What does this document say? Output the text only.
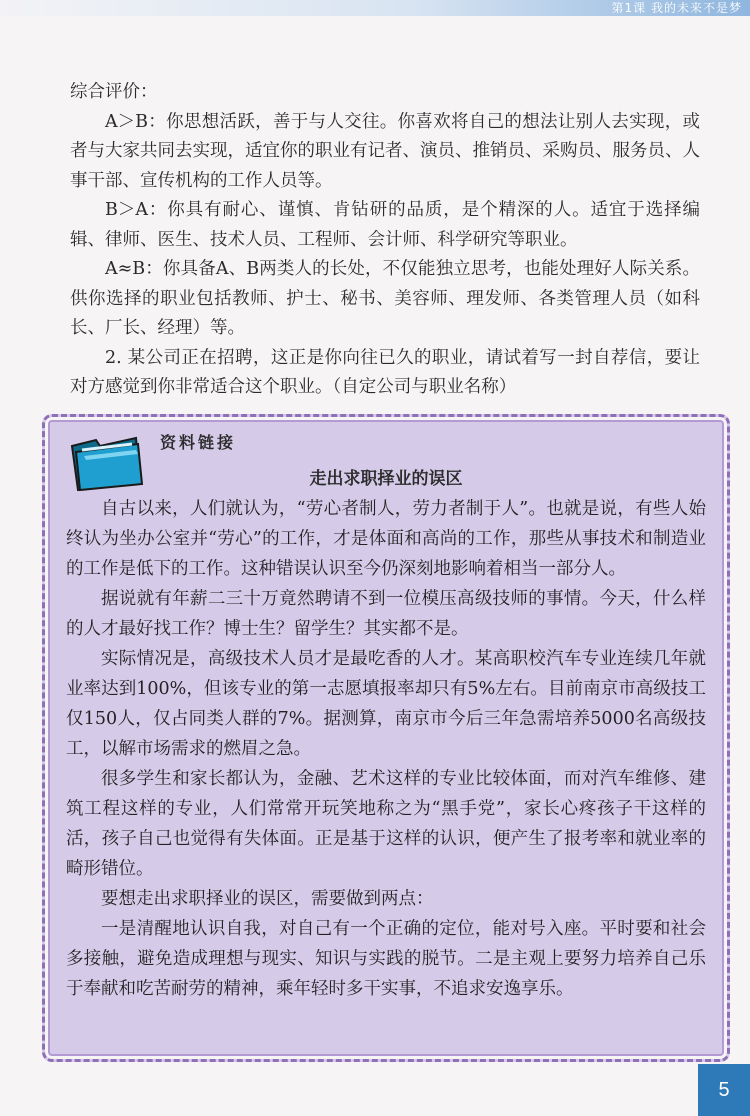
第1课 我的未来不是梦
综合评价：

A＞B：你思想活跃，善于与人交往。你喜欢将自己的想法让别人去实现，或者与大家共同去实现，适宜你的职业有记者、演员、推销员、采购员、服务员、人事干部、宣传机构的工作人员等。

B＞A：你具有耐心、谨慎、肯钻研的品质，是个精深的人。适宜于选择编辑、律师、医生、技术人员、工程师、会计师、科学研究等职业。

A≈B：你具备A、B两类人的长处，不仅能独立思考，也能处理好人际关系。供你选择的职业包括教师、护士、秘书、美容师、理发师、各类管理人员（如科长、厂长、经理）等。

2. 某公司正在招聘，这正是你向往已久的职业，请试着写一封自荐信，要让对方感觉到你非常适合这个职业。（自定公司与职业名称）

资料链接
走出求职择业的误区

自古以来，人们就认为，“劳心者制人，劳力者制于人”。也就是说，有些人始终认为坐办公室并“劳心”的工作，才是体面和高尚的工作，那些从事技术和制造业的工作是低下的工作。这种错误认识至今仍深刻地影响着相当一部分人。

据说就有年薪二三十万竟然聘请不到一位模压高级技师的事情。今天，什么样的人才最好找工作？博士生？留学生？其实都不是。

实际情况是，高级技术人员才是最吃香的人才。某高职校汽车专业连续几年就业率达到100%，但该专业的第一志愿填报率却只有5%左右。目前南京市高级技工仅150人，仅占同类人群的7%。据测算，南京市今后三年急需培养5000名高级技工，以解市场需求的燃眉之急。

很多学生和家长都认为，金融、艺术这样的专业比较体面，而对汽车维修、建筑工程这样的专业，人们常常开玩笑地称之为“黑手党”，家长心疼孩子干这样的活，孩子自己也觉得有失体面。正是基于这样的认识，便产生了报考率和就业率的畸形错位。

要想走出求职择业的误区，需要做到两点：

一是清醒地认识自我，对自己有一个正确的定位，能对号入座。平时要和社会多接触，避免造成理想与现实、知识与实践的脱节。二是主观上要努力培养自己乐于奉献和吃苦耐劳的精神，乘年轻时多干实事，不追求安逸享乐。

5
